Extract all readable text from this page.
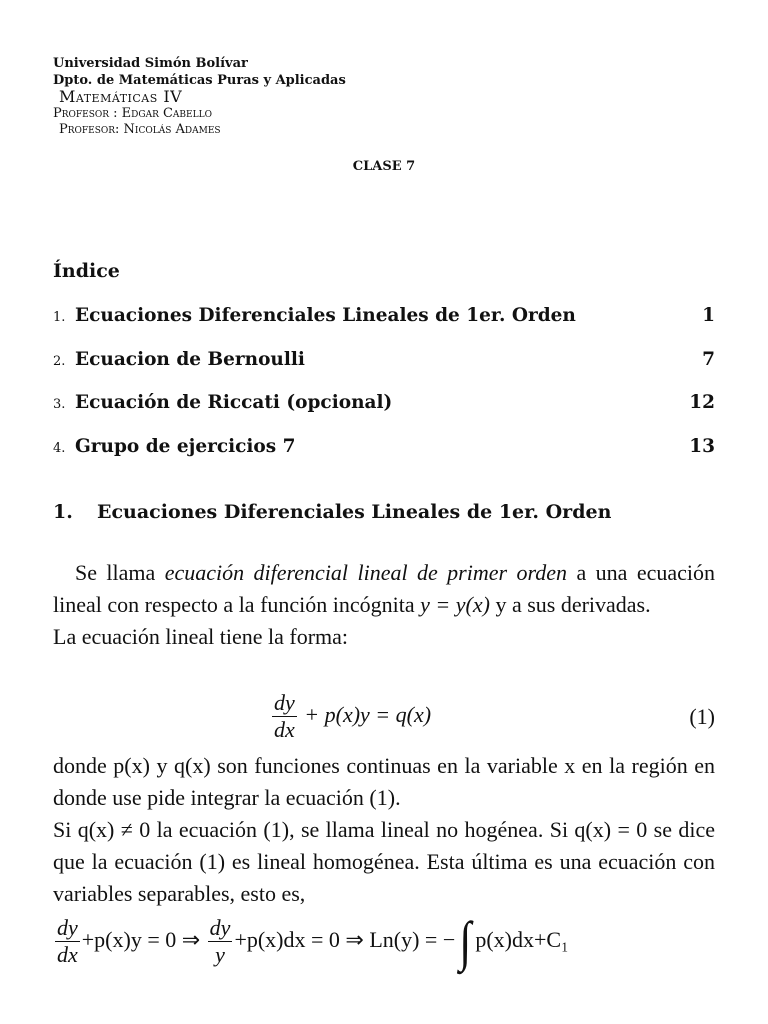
Universidad Simón Bolívar
Dpto. de Matemáticas Puras y Aplicadas
Matemáticas IV
Profesor : Edgar Cabello
Profesor: Nicolás Adames
CLASE 7
Índice
1. Ecuaciones Diferenciales Lineales de 1er. Orden	1
2. Ecuacion de Bernoulli	7
3. Ecuación de Riccati (opcional)	12
4. Grupo de ejercicios 7	13
1. Ecuaciones Diferenciales Lineales de 1er. Orden

Se llama ecuación diferencial lineal de primer orden a una ecuación lineal con respecto a la función incógnita y = y(x) y a sus derivadas.

La ecuación lineal tiene la forma:

$\frac{dy}{dx} + p(x)y = q(x)$	(1)

donde p(x) y q(x) son funciones continuas en la variable x en la región en donde use pide integrar la ecuación (1).

Si q(x) ≠ 0 la ecuación (1), se llama lineal no hogénea. Si q(x) = 0 se dice que la ecuación (1) es lineal homogénea. Esta última es una ecuación con variables separables, esto es,

$\frac{dy}{dx} +p(x)y = 0$ ⇒ $\frac{dy}{y} +p(x)dx = 0$ ⇒ Ln(y) = −∫ p(x)dx+C₁
